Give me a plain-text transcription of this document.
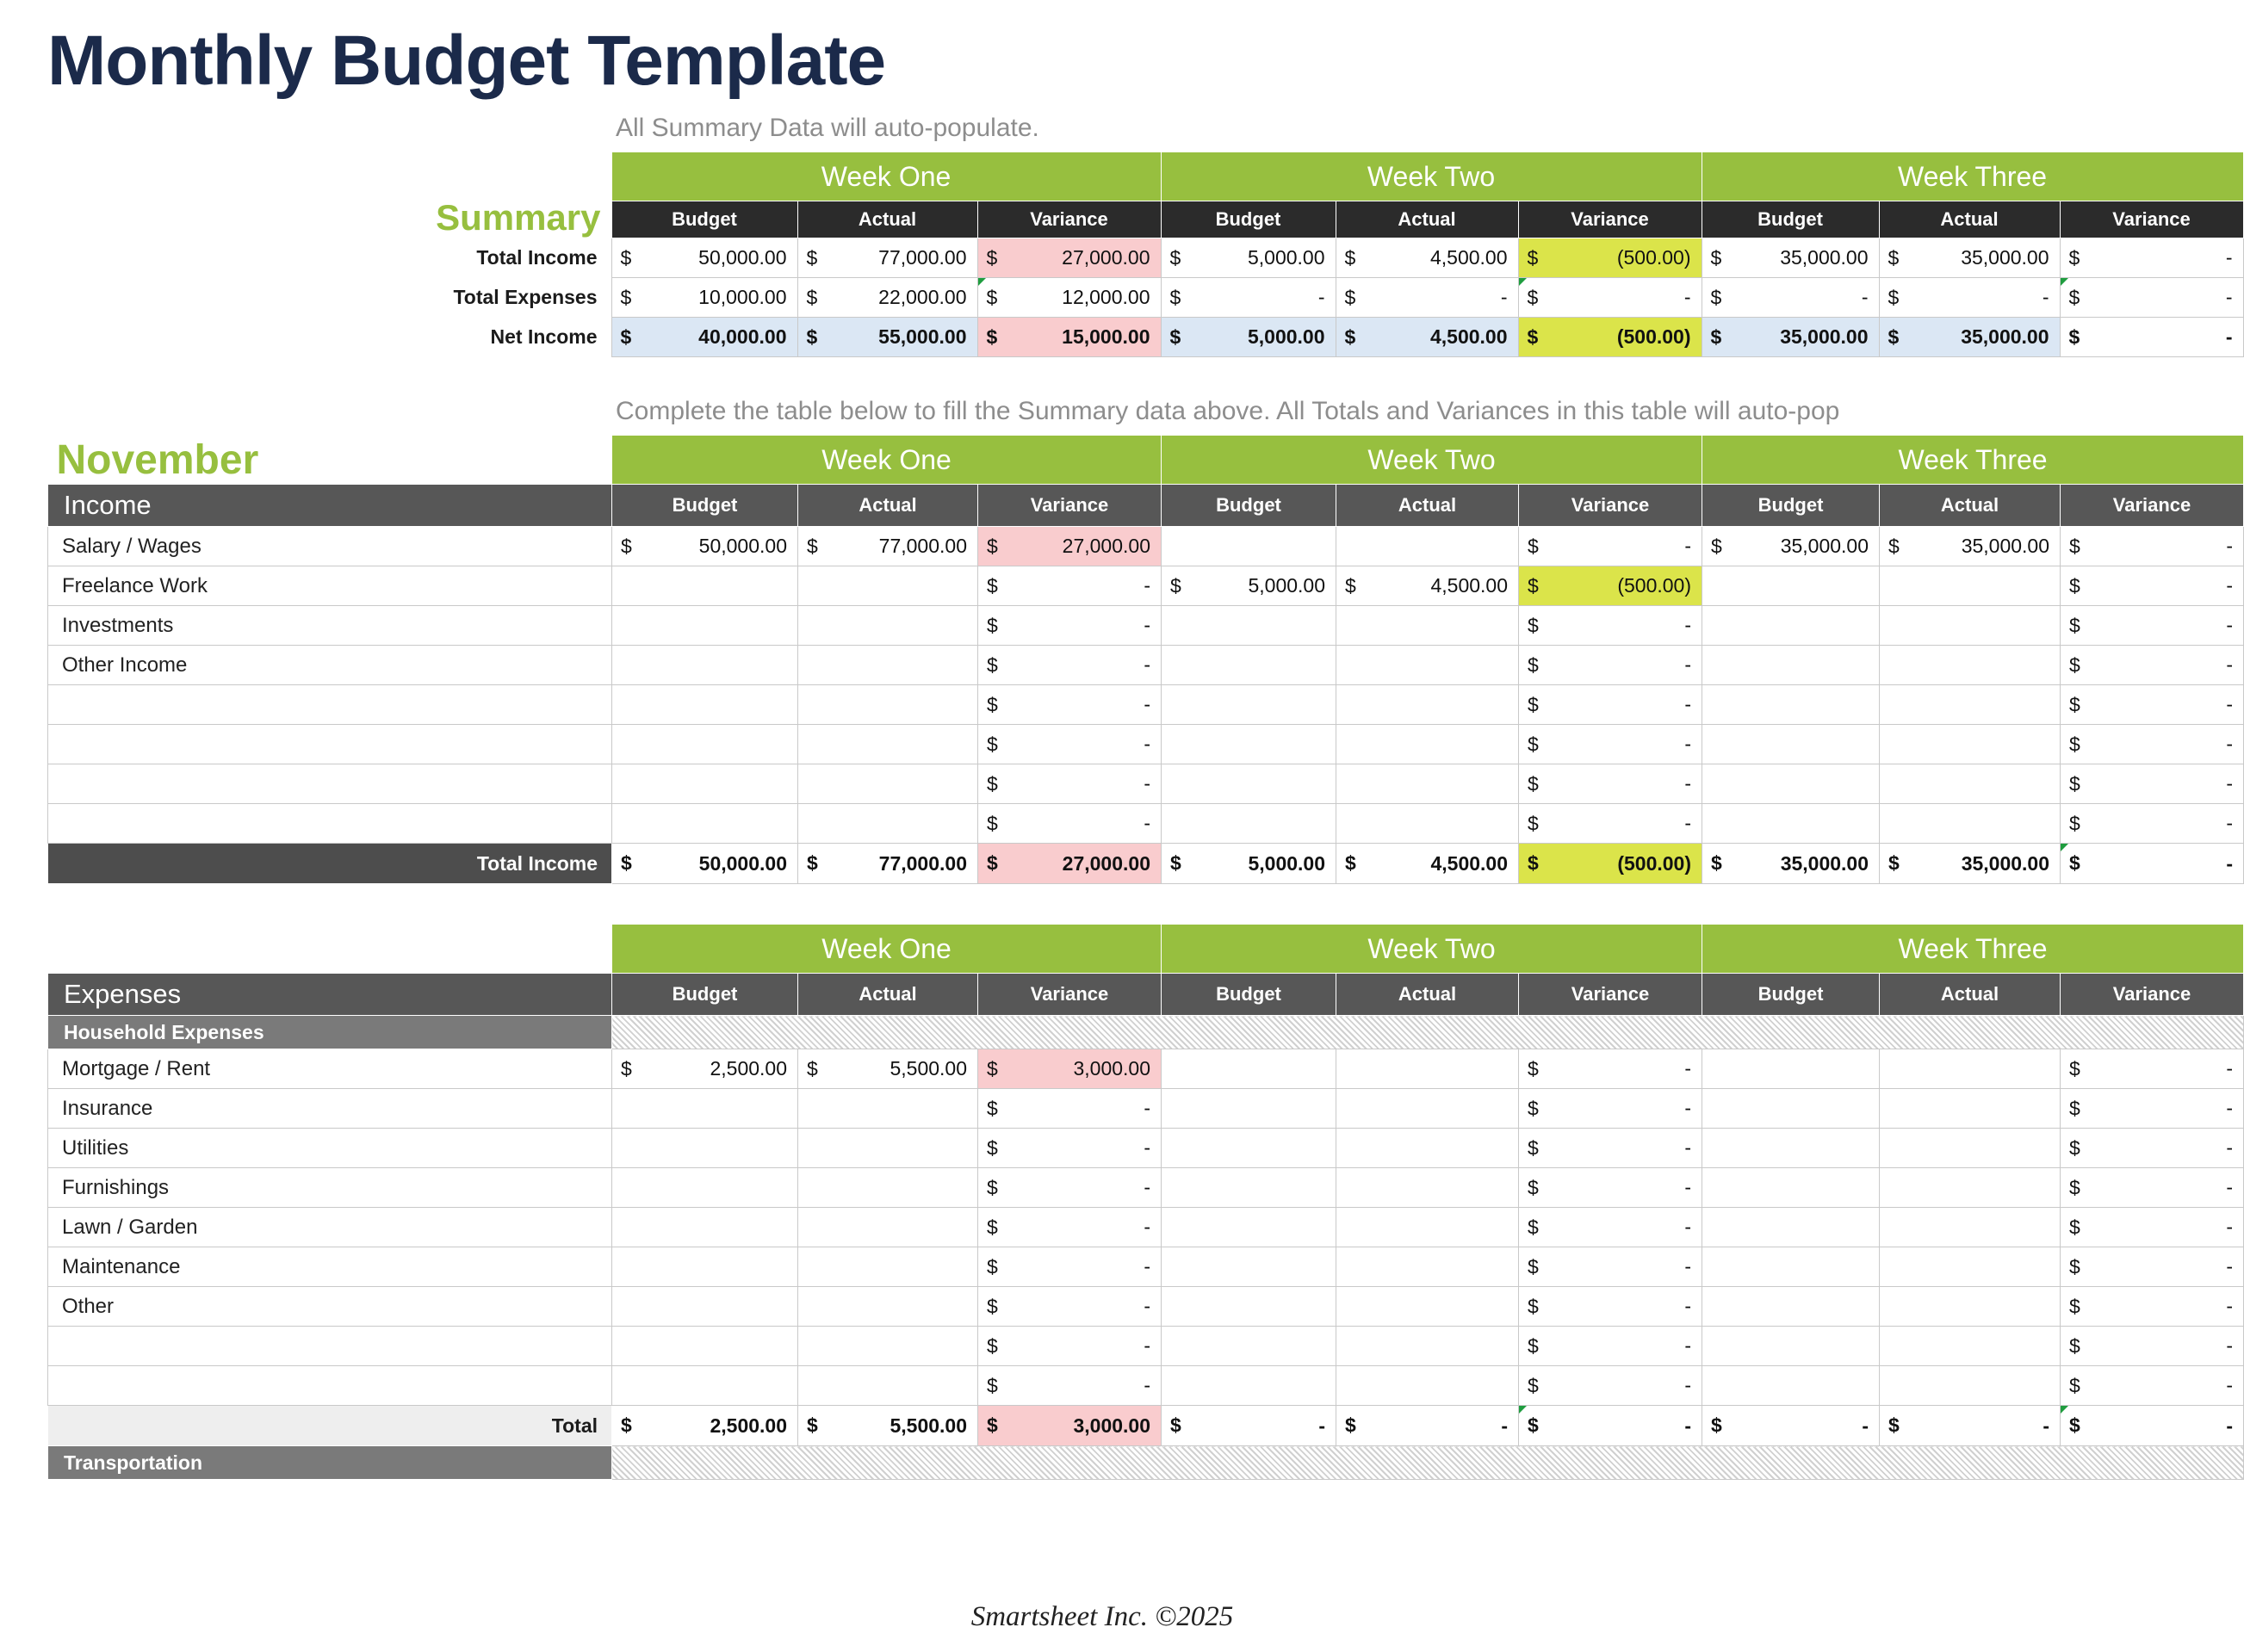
Monthly Budget Template
All Summary Data will auto-populate.
Summary	Week One			Week Two			Week Three		
	Budget	Actual	Variance	Budget	Actual	Variance	Budget	Actual	Variance
Total Income	$ 50,000.00	$ 77,000.00	$ 27,000.00	$ 5,000.00	$ 4,500.00	$ (500.00)	$ 35,000.00	$ 35,000.00	$ -
Total Expenses	$ 10,000.00	$ 22,000.00	$ 12,000.00	$ -	$ -	$ -	$ -	$ -	$ -
Net Income	$ 40,000.00	$ 55,000.00	$ 15,000.00	$ 5,000.00	$ 4,500.00	$ (500.00)	$ 35,000.00	$ 35,000.00	$ -
Complete the table below to fill the Summary data above. All Totals and Variances in this table will auto-pop
November	Week One			Week Two			Week Three		
Income	Budget	Actual	Variance	Budget	Actual	Variance	Budget	Actual	Variance
Salary / Wages	$ 50,000.00	$ 77,000.00	$ 27,000.00			$ -	$ 35,000.00	$ 35,000.00	$ -
Freelance Work			$ -	$ 5,000.00	$ 4,500.00	$ (500.00)			$ -
Investments			$ -			$ -			$ -
Other Income			$ -			$ -			$ -

			$ -			$ -			$ -

			$ -			$ -			$ -

			$ -			$ -			$ -

			$ -			$ -			$ -
Total Income	$ 50,000.00	$ 77,000.00	$ 27,000.00	$ 5,000.00	$ 4,500.00	$ (500.00)	$ 35,000.00	$ 35,000.00	$ -
	Week One			Week Two			Week Three		
Expenses	Budget	Actual	Variance	Budget	Actual	Variance	Budget	Actual	Variance
Household Expenses									
Mortgage / Rent	$ 2,500.00	$ 5,500.00	$ 3,000.00			$ -			$ -
Insurance			$ -			$ -			$ -
Utilities			$ -			$ -			$ -
Furnishings			$ -			$ -			$ -
Lawn / Garden			$ -			$ -			$ -
Maintenance			$ -			$ -			$ -
Other			$ -			$ -			$ -

			$ -			$ -			$ -

			$ -			$ -			$ -
Total	$ 2,500.00	$ 5,500.00	$ 3,000.00	$ -	$ -	$ -	$ -	$ -	$ -
Transportation									
Smartsheet Inc. ©2025
